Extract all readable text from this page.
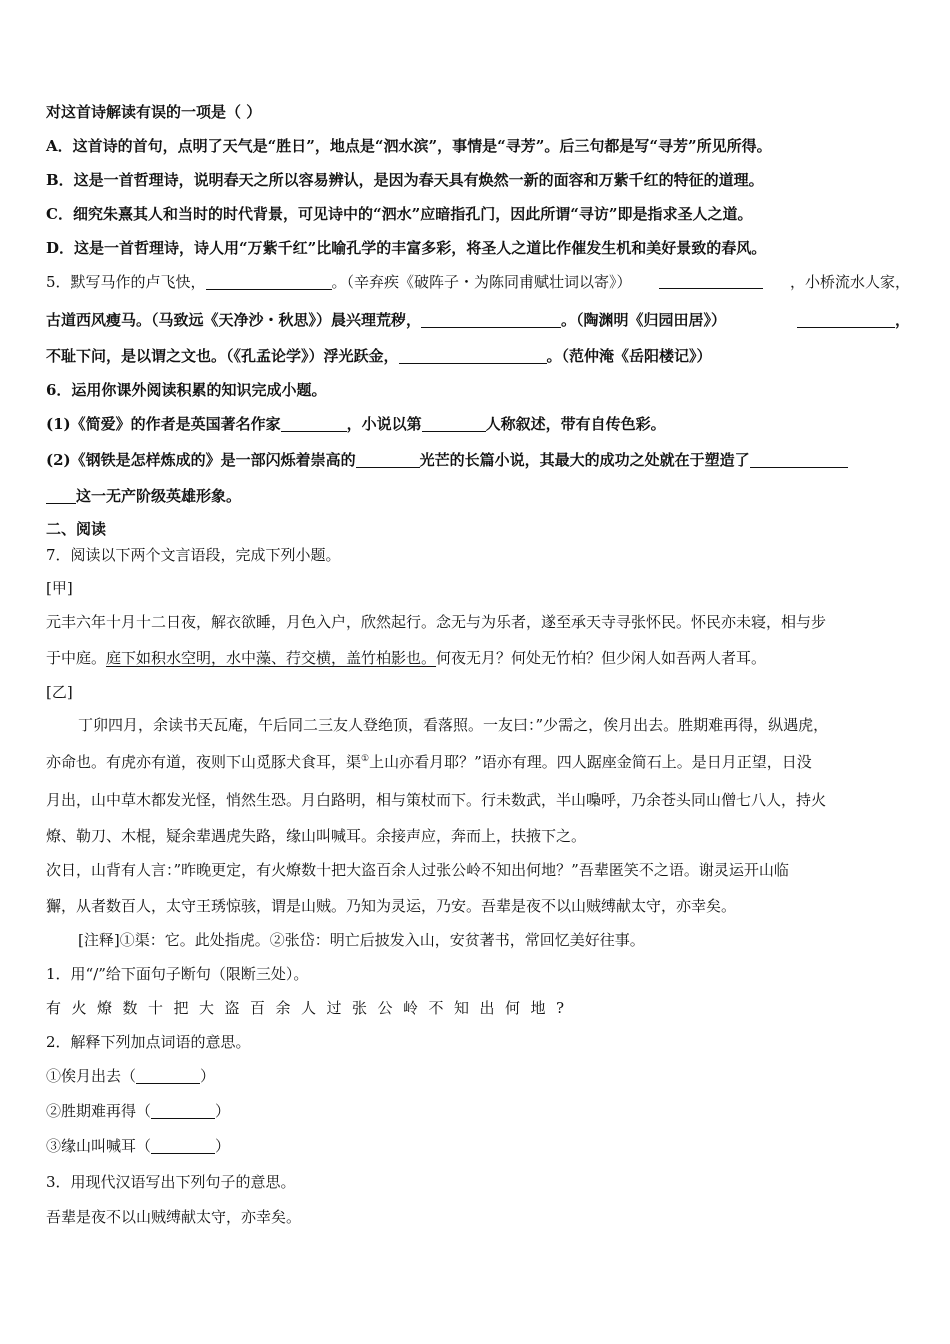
对这首诗解读有误的一项是（ ）
A．这首诗的首句，点明了天气是“胜日”，地点是“泗水滨”，事情是“寻芳”。后三句都是写“寻芳”所见所得。
B．这是一首哲理诗，说明春天之所以容易辨认，是因为春天具有焕然一新的面容和万紫千红的特征的道理。
C．细究朱熹其人和当时的时代背景，可见诗中的“泗水”应暗指孔门，因此所谓“寻访”即是指求圣人之道。
D．这是一首哲理诗，诗人用“万紫千红”比喻孔学的丰富多彩，将圣人之道比作催发生机和美好景致的春风。
5．默写马作的卢飞快，	。（辛弃疾《破阵子・为陈同甫赋壮词以寄》）	，小桥流水人家，
古道西风瘦马。（马致远《天净沙・秋思》）晨兴理荒秽，	。（陶渊明《归园田居》）	，
不耻下问，是以谓之文也。（《孔孟论学》）浮光跃金，	。（范仲淹《岳阳楼记》）
6．运用你课外阅读积累的知识完成小题。
(1)《简爱》的作者是英国著名作家	，小说以第	人称叙述，带有自传色彩。
(2)《钢铁是怎样炼成的》是一部闪烁着崇高的	光芒的长篇小说，其最大的成功之处就在于塑造了
这一无产阶级英雄形象。
二、阅读
7．阅读以下两个文言语段，完成下列小题。
[甲]
元丰六年十月十二日夜，解衣欲睡，月色入户，欣然起行。念无与为乐者，遂至承天寺寻张怀民。怀民亦未寝，相与步
于中庭。庭下如积水空明，水中藻、荇交横，盖竹柏影也。何夜无月？何处无竹柏？但少闲人如吾两人者耳。
[乙]
丁卯四月，余读书天瓦庵，午后同二三友人登绝顶，看落照。一友曰：”少需之，俟月出去。胜期难再得，纵遇虎，
亦命也。有虎亦有道，夜则下山觅豚犬食耳，渠①上山亦看月耶？”语亦有理。四人踞座金简石上。是日月正望，日没
月出，山中草木都发光怪，悄然生恐。月白路明，相与策杖而下。行未数武，半山嘄呼，乃余苍头同山僧七八人，持火
燎、勒刀、木棍，疑余辈遇虎失路，缘山叫喊耳。余接声应，奔而上，扶掖下之。
次日，山背有人言：”昨晚更定，有火燎数十把大盗百余人过张公岭不知出何地？”吾辈匿笑不之语。谢灵运开山临
獬，从者数百人，太守王琇惊骇，谓是山贼。乃知为灵运，乃安。吾辈是夜不以山贼缚献太守，亦幸矣。
[注释]①渠：它。此处指虎。②张岱：明亡后披发入山，安贫著书，常回忆美好往事。
1．用“/”给下面句子断句（限断三处）。
有火燎数十把大盗百余人过张公岭不知出何地?
2．解释下列加点词语的意思。
①俟月出去（	）
②胜期难再得（	）
③缘山叫喊耳（	）
3．用现代汉语写出下列句子的意思。
吾辈是夜不以山贼缚献太守，亦幸矣。
